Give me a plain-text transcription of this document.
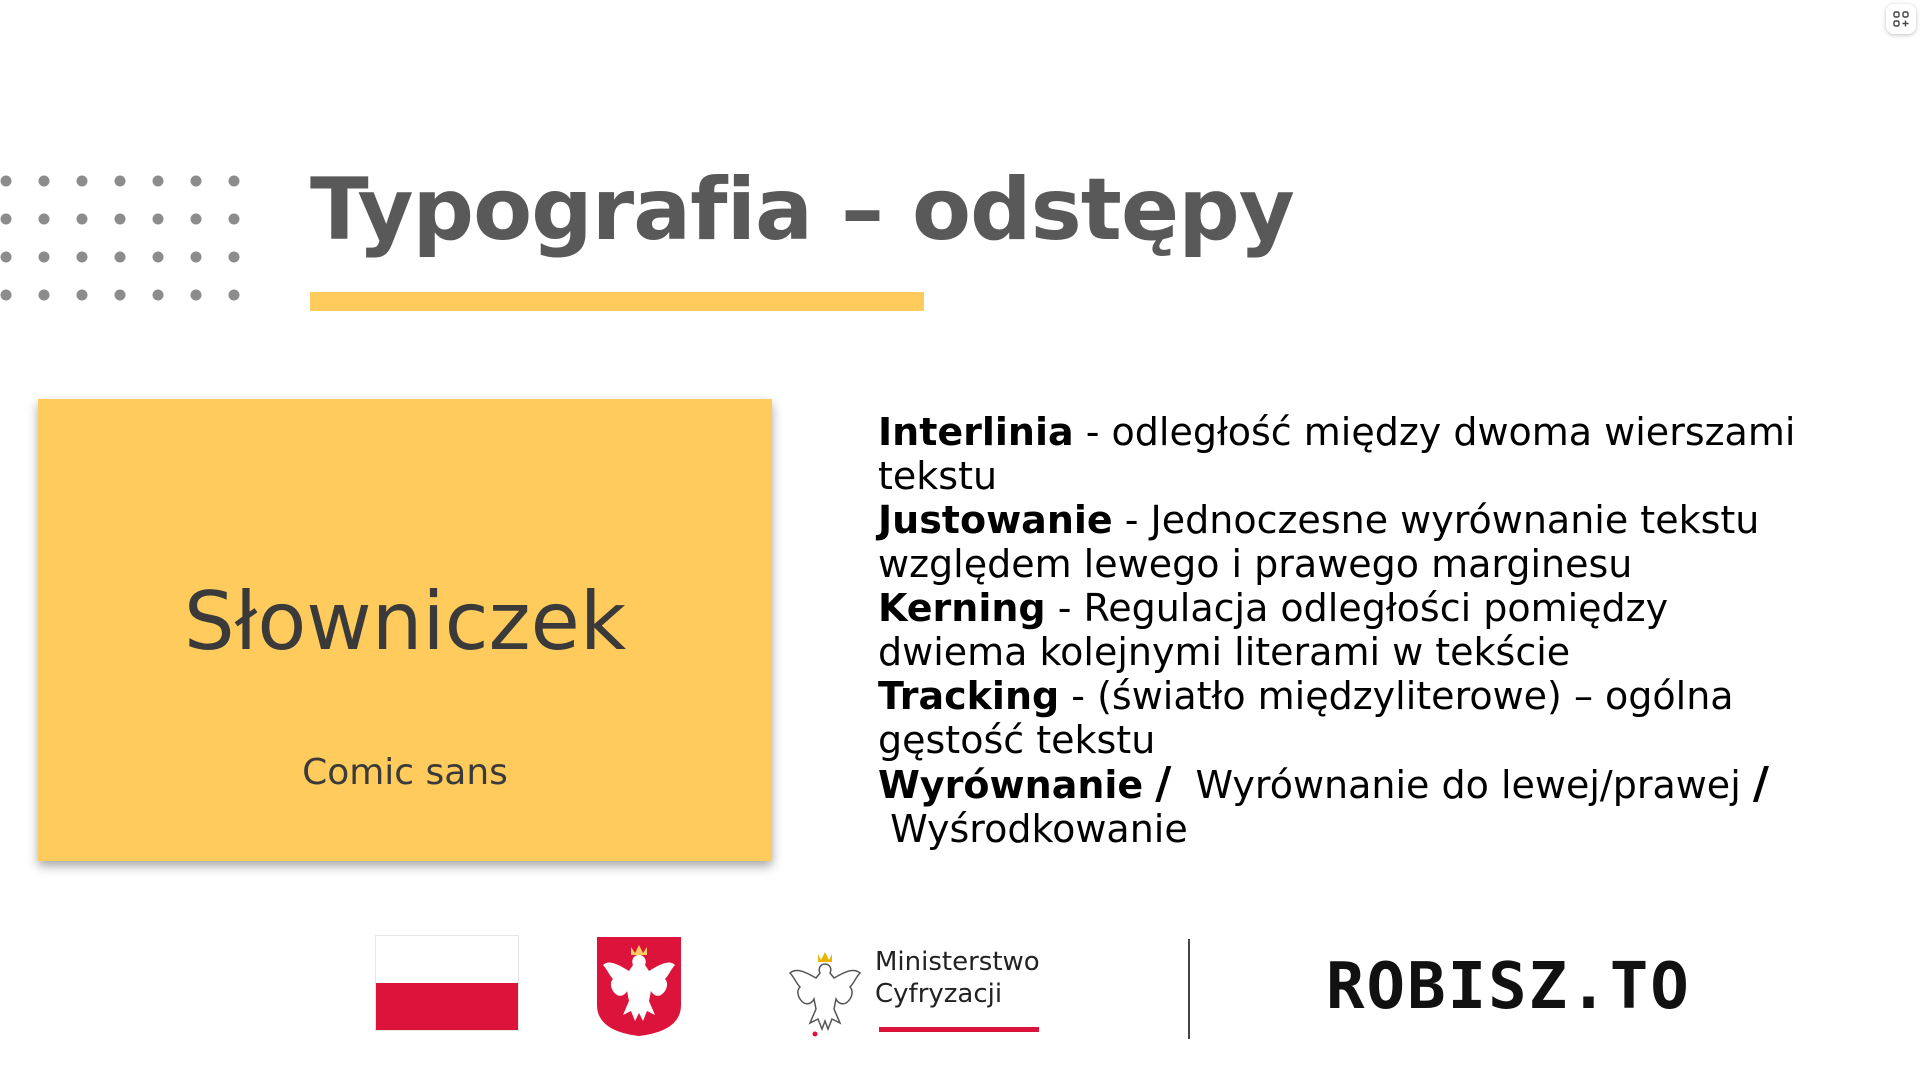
Typografia – odstępy
Słowniczek
Comic sans

Interlinia - odległość między dwoma wierszami tekstu

Justowanie - Jednoczesne wyrównanie tekstu względem lewego i prawego marginesu

Kerning - Regulacja odległości pomiędzy dwiema kolejnymi literami w tekście

Tracking - (światło międzyliterowe) – ogólna gęstość tekstu

Wyrównanie /  Wyrównanie do lewej/prawej /
Wyśrodkowanie

Ministerstwo
Cyfryzacji	ROBISZ.TO
